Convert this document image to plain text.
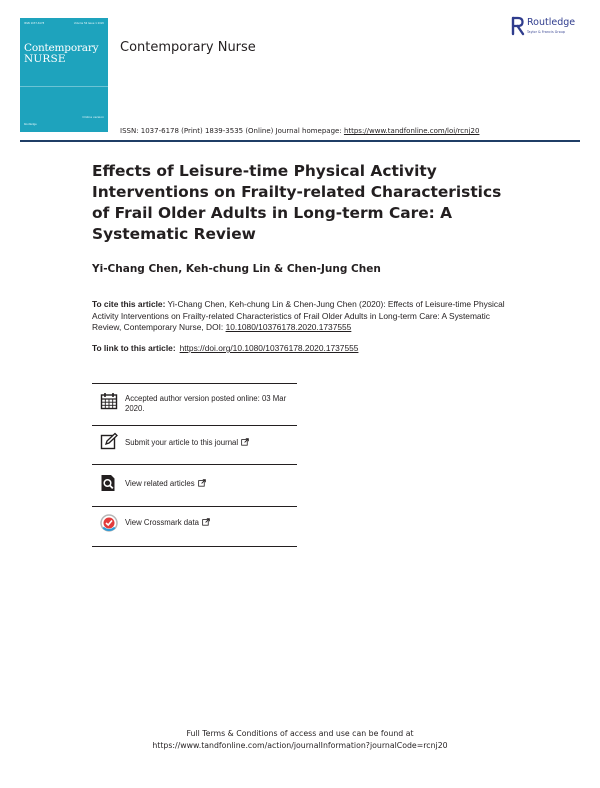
ISSN 1037-6178	Volume 56 Issue 1 2020
Contemporary
NURSE
Online version
Routledge
Contemporary Nurse
Routledge
Taylor & Francis Group
ISSN: 1037-6178 (Print) 1839-3535 (Online) Journal homepage: https://www.tandfonline.com/loi/rcnj20
Effects of Leisure-time Physical Activity Interventions on Frailty-related Characteristics of Frail Older Adults in Long-term Care: A Systematic Review
Yi-Chang Chen, Keh-chung Lin & Chen-Jung Chen
To cite this article: Yi-Chang Chen, Keh-chung Lin & Chen-Jung Chen (2020): Effects of Leisure-time Physical Activity Interventions on Frailty-related Characteristics of Frail Older Adults in Long-term Care: A Systematic Review, Contemporary Nurse, DOI: 10.1080/10376178.2020.1737555
To link to this article: https://doi.org/10.1080/10376178.2020.1737555
Accepted author version posted online: 03 Mar 2020.
Submit your article to this journal
View related articles
View Crossmark data
Full Terms & Conditions of access and use can be found at
https://www.tandfonline.com/action/journalInformation?journalCode=rcnj20
